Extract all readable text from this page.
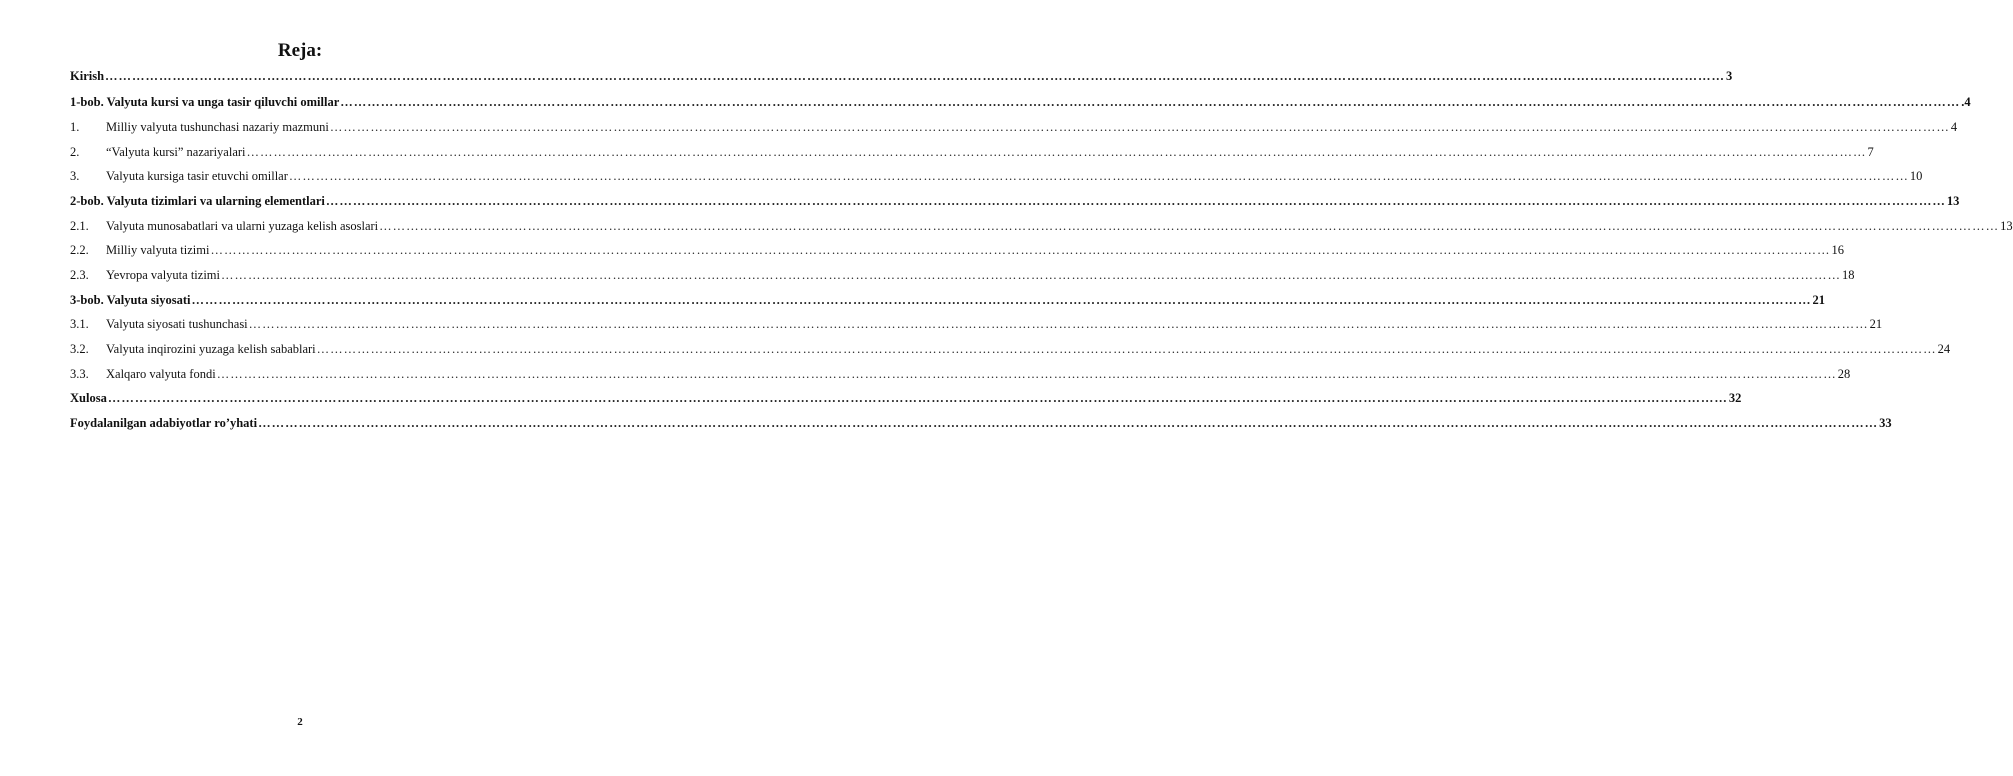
Reja:
Kirish ……………………………………………………………………………………………………………………………………………………………………………………………………………………………………………………………………………………………………………………………… 3
1-bob. Valyuta kursi va unga tasir qiluvchi omillar ……………………………………………………………………………………………………………………………………………………………………………………………………………………………………………………………………………………………………………………………… .4
1.	Milliy valyuta tushunchasi nazariy mazmuni ……………………………………………………………………………………………………………………………………………………………………………………………………………………………………………………………………………………………………………………………… 4
2.	“Valyuta kursi” nazariyalari ……………………………………………………………………………………………………………………………………………………………………………………………………………………………………………………………………………………………………………………………… 7
3.	Valyuta kursiga tasir etuvchi omillar ……………………………………………………………………………………………………………………………………………………………………………………………………………………………………………………………………………………………………………………………… 10
2-bob. Valyuta tizimlari va ularning elementlari ……………………………………………………………………………………………………………………………………………………………………………………………………………………………………………………………………………………………………………………………… 13
2.1.	Valyuta munosabatlari va ularni yuzaga kelish asoslari ……………………………………………………………………………………………………………………………………………………………………………………………………………………………………………………………………………………………………………………………… 13
2.2.	Milliy valyuta tizimi ……………………………………………………………………………………………………………………………………………………………………………………………………………………………………………………………………………………………………………………………… 16
2.3.	Yevropa valyuta tizimi ……………………………………………………………………………………………………………………………………………………………………………………………………………………………………………………………………………………………………………………………… 18
3-bob. Valyuta siyosati ……………………………………………………………………………………………………………………………………………………………………………………………………………………………………………………………………………………………………………………………… 21
3.1.	Valyuta siyosati tushunchasi ……………………………………………………………………………………………………………………………………………………………………………………………………………………………………………………………………………………………………………………………… 21
3.2.	Valyuta inqirozini yuzaga kelish sabablari ……………………………………………………………………………………………………………………………………………………………………………………………………………………………………………………………………………………………………………………………… 24
3.3.	Xalqaro valyuta fondi ……………………………………………………………………………………………………………………………………………………………………………………………………………………………………………………………………………………………………………………………… 28
Xulosa ……………………………………………………………………………………………………………………………………………………………………………………………………………………………………………………………………………………………………………………………… 32
Foydalanilgan adabiyotlar ro’yhati ……………………………………………………………………………………………………………………………………………………………………………………………………………………………………………………………………………………………………………………………… 33
2
